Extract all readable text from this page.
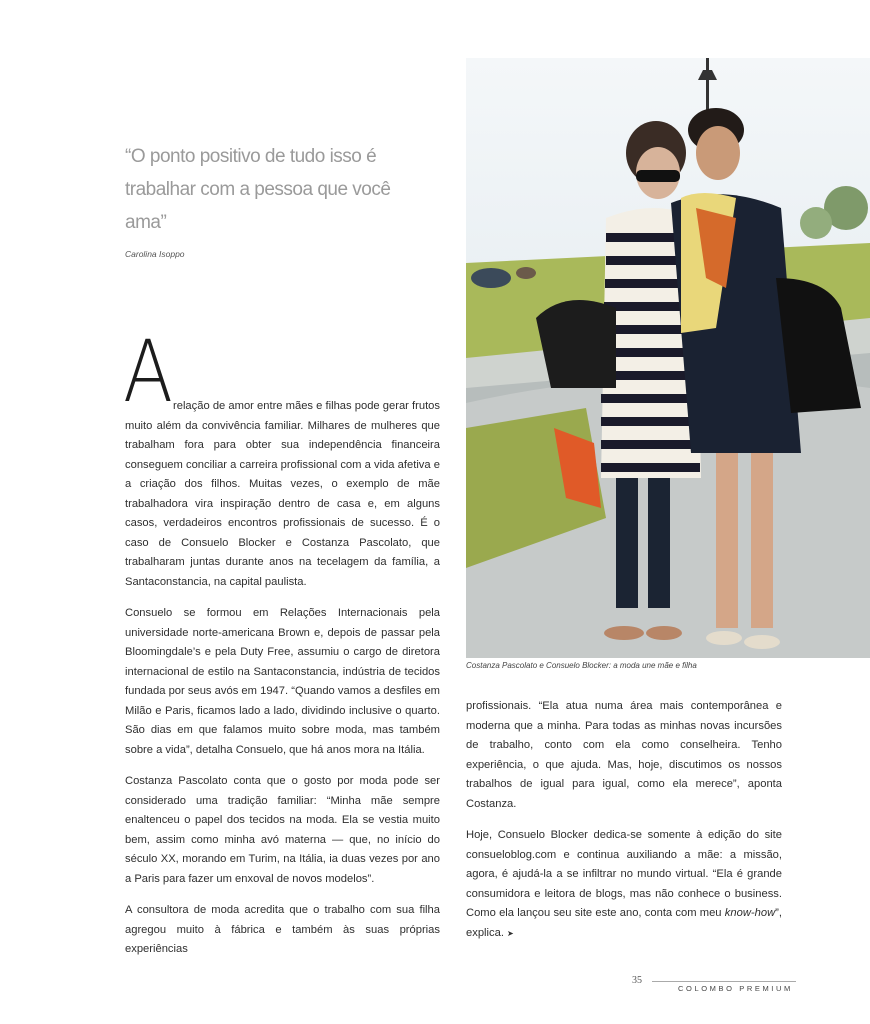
“O ponto positivo de tudo isso é trabalhar com a pessoa que você ama”

Carolina Isoppo
Costanza Pascolato e Consuelo Blocker: a moda une mãe e filha
A relação de amor entre mães e filhas pode gerar frutos muito além da convivência familiar. Milhares de mulheres que trabalham fora para obter sua independência financeira conseguem conciliar a carreira profissional com a vida afetiva e a criação dos filhos. Muitas vezes, o exemplo de mãe trabalhadora vira inspiração dentro de casa e, em alguns casos, verdadeiros encontros profissionais de sucesso. É o caso de Consuelo Blocker e Costanza Pascolato, que trabalharam juntas durante anos na tecelagem da família, a Santaconstancia, na capital paulista.

Consuelo se formou em Relações Internacionais pela universidade norte-americana Brown e, depois de passar pela Bloomingdale’s e pela Duty Free, assumiu o cargo de diretora internacional de estilo na Santaconstancia, indústria de tecidos fundada por seus avós em 1947. “Quando vamos a desfiles em Milão e Paris, ficamos lado a lado, dividindo inclusive o quarto. São dias em que falamos muito sobre moda, mas também sobre a vida”, detalha Consuelo, que há anos mora na Itália.

Costanza Pascolato conta que o gosto por moda pode ser considerado uma tradição familiar: “Minha mãe sempre enaltenceu o papel dos tecidos na moda. Ela se vestia muito bem, assim como minha avó materna — que, no início do século XX, morando em Turim, na Itália, ia duas vezes por ano a Paris para fazer um enxoval de novos modelos”.

A consultora de moda acredita que o trabalho com sua filha agregou muito à fábrica e também às suas próprias experiências

profissionais. “Ela atua numa área mais contemporânea e moderna que a minha. Para todas as minhas novas incursões de trabalho, conto com ela como conselheira. Tenho experiência, o que ajuda. Mas, hoje, discutimos os nossos trabalhos de igual para igual, como ela merece”, aponta Costanza.

Hoje, Consuelo Blocker dedica-se somente à edição do site consueloblog.com e continua auxiliando a mãe: a missão, agora, é ajudá-la a se infiltrar no mundo virtual. “Ela é grande consumidora e leitora de blogs, mas não conhece o business. Como ela lançou seu site este ano, conta com meu know-how”, explica. ➤

35
COLOMBO PREMIUM
